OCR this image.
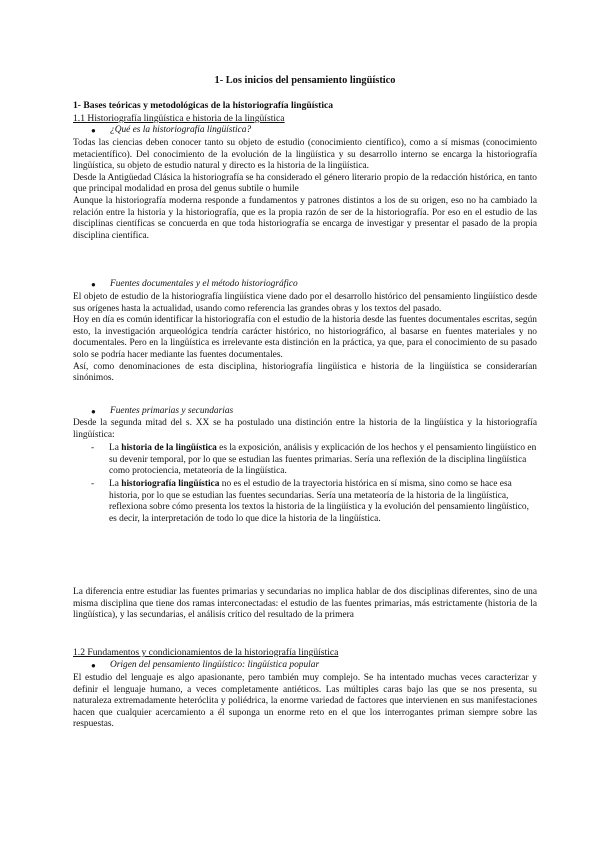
1- Los inicios del pensamiento lingüístico
1- Bases teóricas y metodológicas de la historiografía lingüística
1.1 Historiografía lingüística e historia de la lingüística
● ¿Qué es la historiografía lingüística?

Todas las ciencias deben conocer tanto su objeto de estudio (conocimiento científico), como a sí mismas (conocimiento metacientífico). Del conocimiento de la evolución de la lingüística y su desarrollo interno se encarga la historiografía lingüística, su objeto de estudio natural y directo es la historia de la lingüística.

Desde la Antigüedad Clásica la historiografía se ha considerado el género literario propio de la redacción histórica, en tanto que principal modalidad en prosa del genus subtile o humile

Aunque la historiografía moderna responde a fundamentos y patrones distintos a los de su origen, eso no ha cambiado la relación entre la historia y la historiografía, que es la propia razón de ser de la historiografía. Por eso en el estudio de las disciplinas científicas se concuerda en que toda historiografía se encarga de investigar y presentar el pasado de la propia disciplina científica.

● Fuentes documentales y el método historiográfico

El objeto de estudio de la historiografía lingüística viene dado por el desarrollo histórico del pensamiento lingüístico desde sus orígenes hasta la actualidad, usando como referencia las grandes obras y los textos del pasado.

Hoy en día es común identificar la historiografía con el estudio de la historia desde las fuentes documentales escritas, según esto, la investigación arqueológica tendría carácter histórico, no historiográfico, al basarse en fuentes materiales y no documentales. Pero en la lingüística es irrelevante esta distinción en la práctica, ya que, para el conocimiento de su pasado solo se podría hacer mediante las fuentes documentales.

Así, como denominaciones de esta disciplina, historiografía lingüística e historia de la lingüística se considerarían sinónimos.

● Fuentes primarias y secundarias

Desde la segunda mitad del s. XX se ha postulado una distinción entre la historia de la lingüística y la historiografía lingüística:

- La historia de la lingüística es la exposición, análisis y explicación de los hechos y el pensamiento lingüístico en su devenir temporal, por lo que se estudian las fuentes primarias. Sería una reflexión de la disciplina lingüística como protociencia, metateoría de la lingüística.
- La historiografía lingüística no es el estudio de la trayectoria histórica en sí misma, sino como se hace esa historia, por lo que se estudian las fuentes secundarias. Sería una metateoría de la historia de la lingüística, reflexiona sobre cómo presenta los textos la historia de la lingüística y la evolución del pensamiento lingüístico, es decir, la interpretación de todo lo que dice la historia de la lingüística.

La diferencia entre estudiar las fuentes primarias y secundarias no implica hablar de dos disciplinas diferentes, sino de una misma disciplina que tiene dos ramas interconectadas: el estudio de las fuentes primarias, más estrictamente (historia de la lingüística), y las secundarias, el análisis crítico del resultado de la primera

1.2 Fundamentos y condicionamientos de la historiografía lingüística
● Origen del pensamiento lingüístico: lingüística popular

El estudio del lenguaje es algo apasionante, pero también muy complejo. Se ha intentado muchas veces caracterizar y definir el lenguaje humano, a veces completamente antiéticos. Las múltiples caras bajo las que se nos presenta, su naturaleza extremadamente heteróclita y poliédrica, la enorme variedad de factores que intervienen en sus manifestaciones hacen que cualquier acercamiento a él suponga un enorme reto en el que los interrogantes priman siempre sobre las respuestas.
